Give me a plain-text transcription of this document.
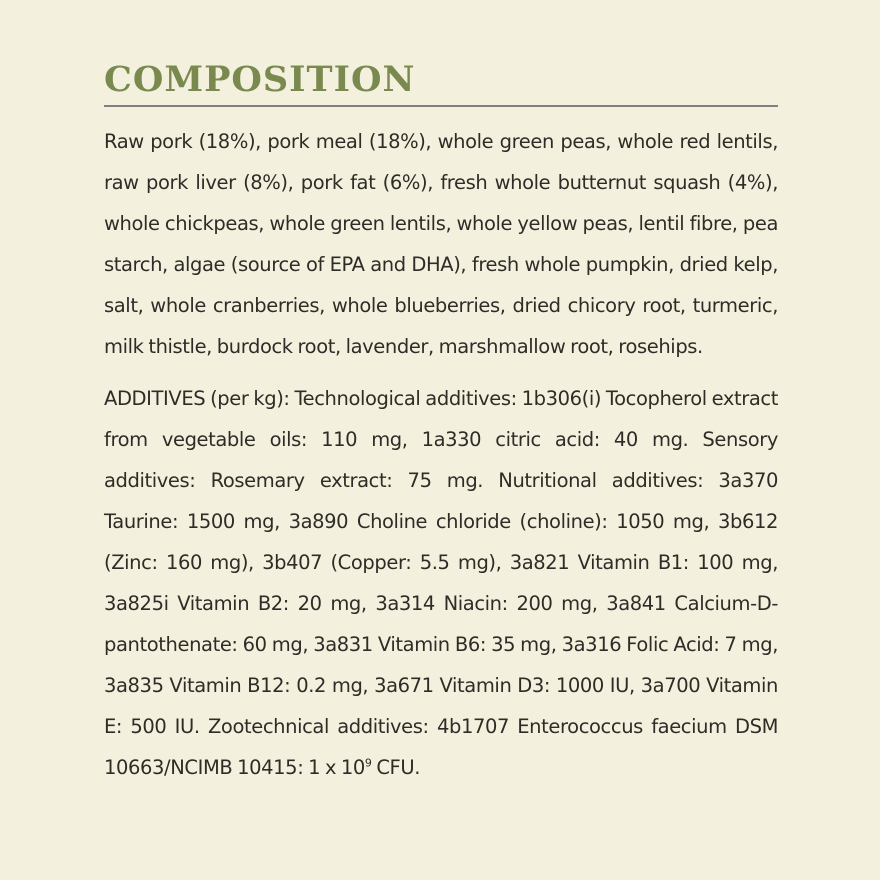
COMPOSITION

Raw pork (18%), pork meal (18%), whole green peas, whole red lentils, raw pork liver (8%), pork fat (6%), fresh whole butternut squash (4%), whole chickpeas, whole green lentils, whole yellow peas, lentil fibre, pea starch, algae (source of EPA and DHA), fresh whole pumpkin, dried kelp, salt, whole cranberries, whole blueberries, dried chicory root, turmeric, milk thistle, burdock root, lavender, marshmallow root, rosehips.

ADDITIVES (per kg): Technological additives: 1b306(i) Tocopherol extract from vegetable oils: 110 mg, 1a330 citric acid: 40 mg. Sensory additives: Rosemary extract: 75 mg. Nutritional additives: 3a370 Taurine: 1500 mg, 3a890 Choline chloride (choline): 1050 mg, 3b612 (Zinc: 160 mg), 3b407 (Copper: 5.5 mg), 3a821 Vitamin B1: 100 mg, 3a825i Vitamin B2: 20 mg, 3a314 Niacin: 200 mg, 3a841 Calcium-D-pantothenate: 60 mg, 3a831 Vitamin B6: 35 mg, 3a316 Folic Acid: 7 mg, 3a835 Vitamin B12: 0.2 mg, 3a671 Vitamin D3: 1000 IU, 3a700 Vitamin E: 500 IU. Zootechnical additives: 4b1707 Enterococcus faecium DSM 10663/NCIMB 10415: 1 x $10^9$ CFU.
